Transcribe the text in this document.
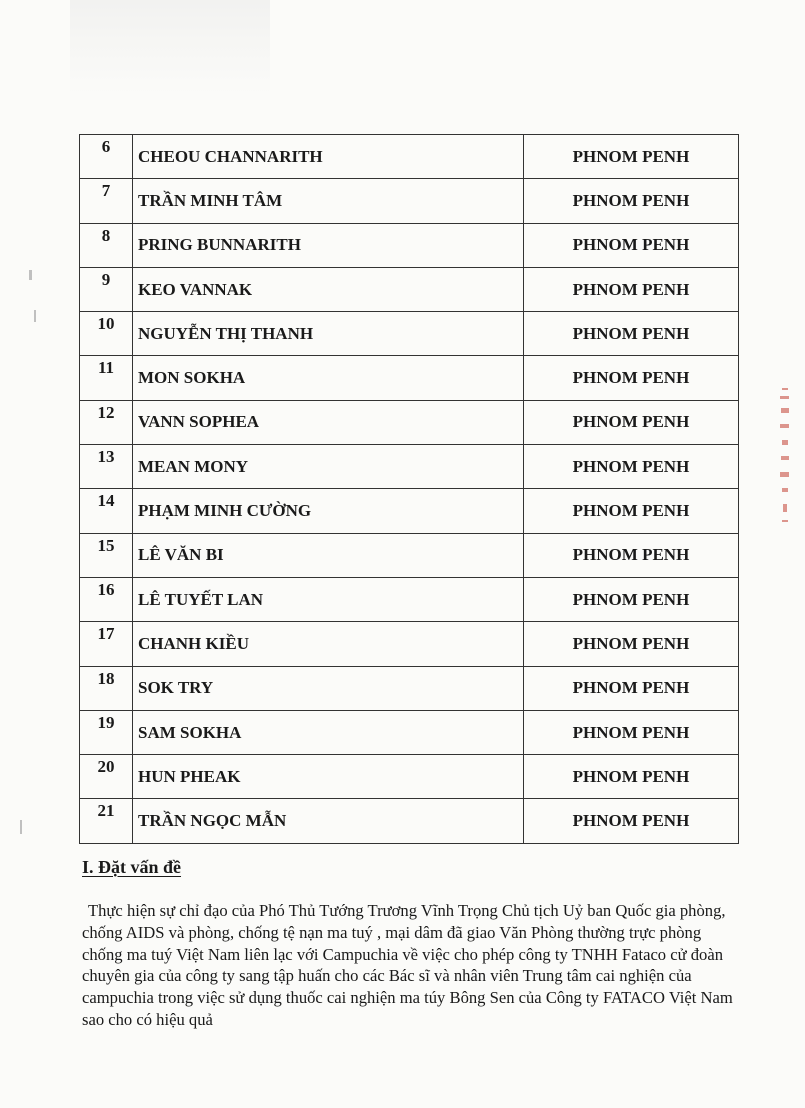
6	CHEOU CHANNARITH	PHNOM PENH
7	TRẦN MINH TÂM	PHNOM PENH
8	PRING BUNNARITH	PHNOM PENH
9	KEO VANNAK	PHNOM PENH
10	NGUYỄN THỊ THANH	PHNOM PENH
11	MON SOKHA	PHNOM PENH
12	VANN SOPHEA	PHNOM PENH
13	MEAN MONY	PHNOM PENH
14	PHẠM MINH CƯỜNG	PHNOM PENH
15	LÊ VĂN BI	PHNOM PENH
16	LÊ TUYẾT LAN	PHNOM PENH
17	CHANH KIỀU	PHNOM PENH
18	SOK TRY	PHNOM PENH
19	SAM SOKHA	PHNOM PENH
20	HUN PHEAK	PHNOM PENH
21	TRẦN NGỌC MẪN	PHNOM PENH
I. Đặt vấn đề
Thực hiện sự chỉ đạo của Phó Thủ Tướng Trương Vĩnh Trọng Chủ tịch Uỷ ban Quốc gia phòng, chống AIDS và phòng, chống tệ nạn ma tuý , mại dâm đã giao Văn Phòng thường trực phòng chống ma tuý Việt Nam liên lạc với Campuchia về việc cho phép công ty TNHH Fataco cử đoàn chuyên gia của công ty sang tập huấn cho các Bác sĩ và nhân viên Trung tâm cai nghiện của campuchia trong việc sử dụng thuốc cai nghiện ma túy Bông Sen của Công ty FATACO Việt Nam sao cho có hiệu quả
